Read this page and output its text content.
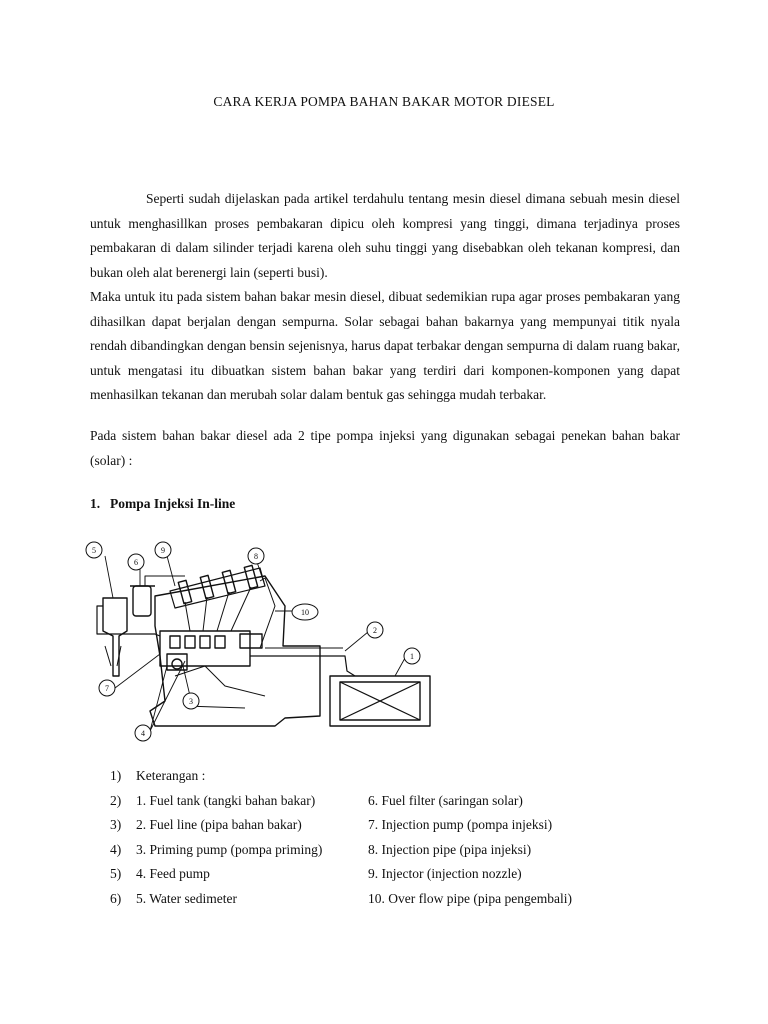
CARA KERJA POMPA BAHAN BAKAR MOTOR DIESEL

Seperti sudah dijelaskan pada artikel terdahulu tentang mesin diesel dimana sebuah mesin diesel untuk menghasillkan proses pembakaran dipicu oleh kompresi yang tinggi, dimana terjadinya proses pembakaran di dalam silinder terjadi karena oleh suhu tinggi yang disebabkan oleh tekanan kompresi, dan bukan oleh alat berenergi lain (seperti busi).

Maka untuk itu pada sistem bahan bakar mesin diesel, dibuat sedemikian rupa agar proses pembakaran yang dihasilkan dapat berjalan dengan sempurna. Solar sebagai bahan bakarnya yang mempunyai titik nyala rendah dibandingkan dengan bensin sejenisnya, harus dapat terbakar dengan sempurna di dalam ruang bakar, untuk mengatasi itu dibuatkan sistem bahan bakar yang terdiri dari komponen-komponen yang dapat menhasilkan tekanan dan merubah solar dalam bentuk gas sehingga mudah terbakar.

Pada sistem bahan bakar diesel ada 2 tipe pompa injeksi yang digunakan sebagai penekan bahan bakar (solar) :

1. Pompa Injeksi In-line
1
2
3
4
5
6
7
8
9
10
1) Keterangan :
2) 1. Fuel tank (tangki bahan bakar)	6. Fuel filter (saringan solar)
3) 2. Fuel line (pipa bahan bakar)	7. Injection pump (pompa injeksi)
4) 3. Priming pump (pompa priming)	8. Injection pipe (pipa injeksi)
5) 4. Feed pump	9. Injector (injection nozzle)
6) 5. Water sedimeter	10. Over flow pipe (pipa pengembali)
